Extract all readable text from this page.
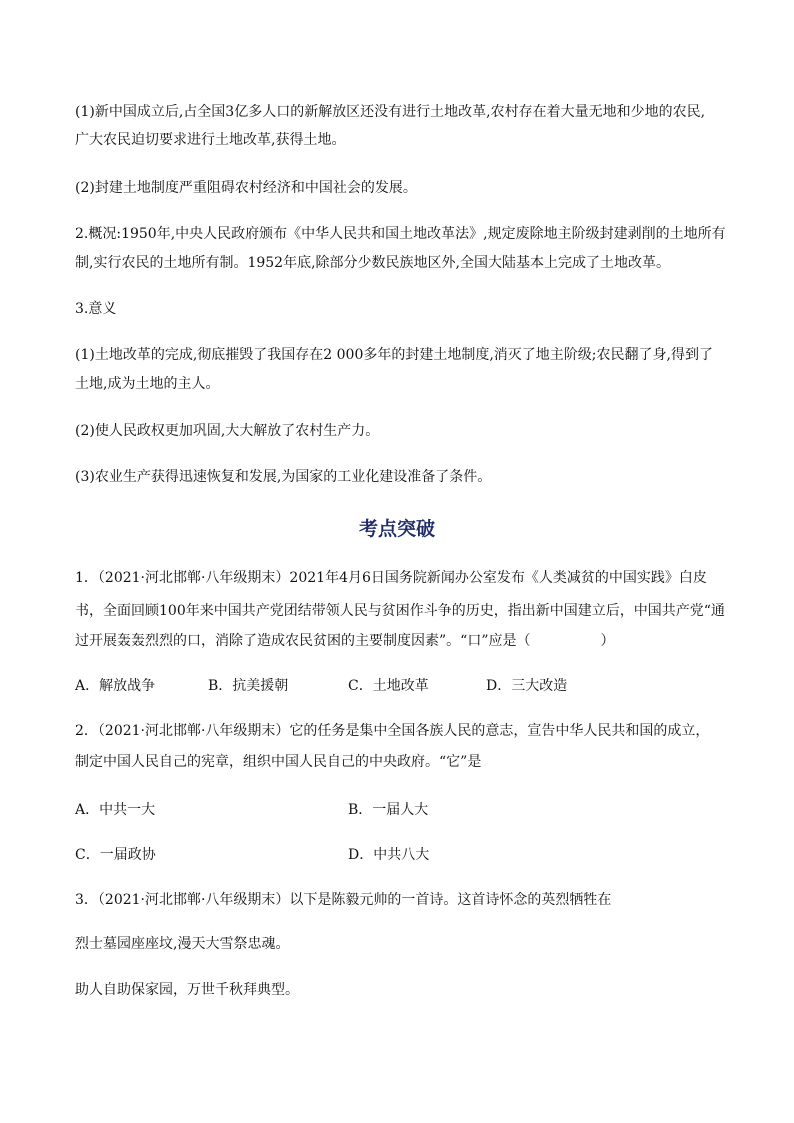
(1)新中国成立后,占全国3亿多人口的新解放区还没有进行土地改革,农村存在着大量无地和少地的农民,
广大农民迫切要求进行土地改革,获得土地。
(2)封建土地制度严重阻碍农村经济和中国社会的发展。
2.概况:1950年,中央人民政府颁布《中华人民共和国土地改革法》,规定废除地主阶级封建剥削的土地所有
制,实行农民的土地所有制。1952年底,除部分少数民族地区外,全国大陆基本上完成了土地改革。
3.意义
(1)土地改革的完成,彻底摧毁了我国存在2 000多年的封建土地制度,消灭了地主阶级;农民翻了身,得到了
土地,成为土地的主人。
(2)使人民政权更加巩固,大大解放了农村生产力。
(3)农业生产获得迅速恢复和发展,为国家的工业化建设准备了条件。
考点突破
1．（2021·河北邯郸·八年级期末）2021年4月6日国务院新闻办公室发布《人类减贫的中国实践》白皮
书，全面回顾100年来中国共产党团结带领人民与贫困作斗争的历史，指出新中国建立后，中国共产党“通
过开展轰轰烈烈的口，消除了造成农民贫困的主要制度因素”。“口”应是（	）
A．解放战争	B．抗美援朝	C．土地改革	D．三大改造
2．（2021·河北邯郸·八年级期末）它的任务是集中全国各族人民的意志，宣告中华人民共和国的成立，
制定中国人民自己的宪章，组织中国人民自己的中央政府。“它”是
A．中共一大	B．一届人大
C．一届政协	D．中共八大
3．（2021·河北邯郸·八年级期末）以下是陈毅元帅的一首诗。这首诗怀念的英烈牺牲在
烈士墓园座座坟,漫天大雪祭忠魂。
助人自助保家园，万世千秋拜典型。
